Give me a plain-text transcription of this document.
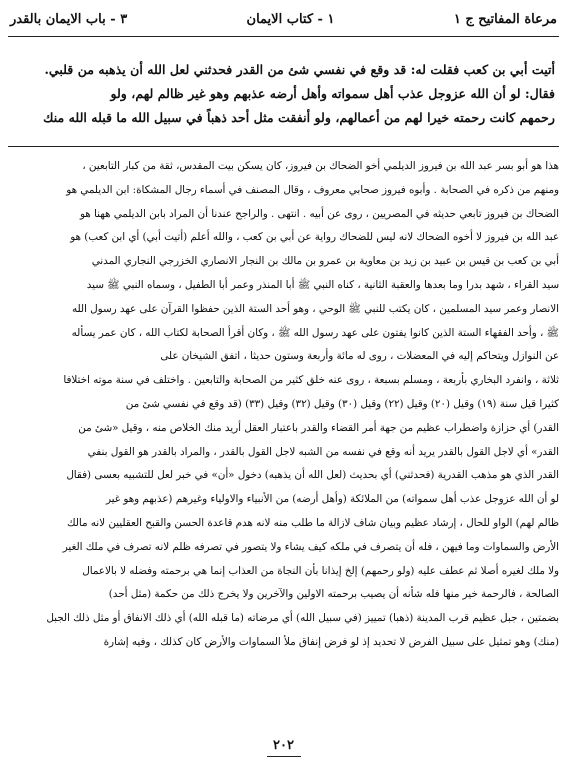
مرعاة المفاتيح ج ١
١ - كتاب الايمان
٣ - باب الايمان بالقدر
أتيت أبي بن كعب فقلت له: قد وقع في نفسي شئ من القدر فحدثني لعل الله أن يذهبه من قلبي.
فقال: لو أن الله عزوجل عذب أهل سمواته وأهل أرضه عذبهم وهو غير ظالم لهم، ولو
رحمهم كانت رحمته خيرا لهم من أعمالهم، ولو أنفقت مثل أحد ذهباً في سبيل الله ما قبله الله منك
هذا هو أبو بسر عبد الله بن فيروز الديلمي أخو الضحاك بن فيروز، كان يسكن بيت المقدس، ثقة من كبار التابعين ،
ومنهم من ذكره في الصحابة . وأبوه فيروز صحابي معروف ، وقال المصنف في أسماء رجال المشكاة: ابن الديلمي هو
الضحاك بن فيروز تابعي حديثه في المصريين ، روى عن أبيه . انتهى . والراجح عندنا أن المراد بابن الديلمي ههنا هو
عبد الله بن فيروز لا أخوه الضحاك لانه ليس للضحاك رواية عن أبي بن كعب ، والله أعلم (أتيت أبي) أي ابن كعب) هو
أبي بن كعب بن قيس بن عبيد بن زيد بن معاوية بن عمرو بن مالك بن النجار الانصاري الخزرجي النجاري المدني
سيد القراء ، شهد بدرا وما بعدها والعقبة الثانية ، كناه النبي ﷺ أبا المنذر وعمر أبا الطفيل ، وسماه النبي ﷺ سيد
الانصار وعمر سيد المسلمين ، كان يكتب للنبي ﷺ الوحي ، وهو أحد الستة الذين حفظوا القرآن على عهد رسول الله
ﷺ ، وأحد الفقهاء الستة الذين كانوا يفتون على عهد رسول الله ﷺ ، وكان أقرأ الصحابة لكتاب الله ، كان عمر يسأله
عن النوازل ويتحاكم إليه في المعضلات ، روى له مائة وأربعة وستون حديثا ، اتفق الشيخان على
ثلاثة ، وانفرد البخاري بأربعة ، ومسلم بسبعة ، روى عنه خلق كثير من الصحابة والتابعين . واختلف في سنة موته اختلافا
كثيرا قيل سنة (١٩) وقيل (٢٠) وقيل (٢٢) وقيل (٣٠) وقيل (٣٢) وقيل (٣٣) (قد وقع في نفسي شئ من
القدر) أي حزازة واضطراب عظيم من جهة أمر القضاء والقدر باعتبار العقل أريد منك الخلاص منه ، وقيل «شئ من
القدر» أي لاجل القول بالقدر يريد أنه وقع في نفسه من الشبه لاجل القول بالقدر ، والمراد بالقدر هو القول بنفي
القدر الذي هو مذهب القدرية (فحدثني) أي بحديث (لعل الله أن يذهبه) دخول «أن» في خبر لعل للتشبيه بعسى (فقال
لو أن الله عزوجل عذب أهل سمواته) من الملائكة (وأهل أرضه) من الأنبياء والاولياء وغيرهم (عذبهم وهو غير
ظالم لهم) الواو للحال ، إرشاد عظيم وبيان شاف لازالة ما طلب منه لانه هدم قاعدة الحسن والقبح العقليين لانه مالك
الأرض والسماوات وما فيهن ، فله أن يتصرف في ملكه كيف يشاء ولا يتصور في تصرفه ظلم لانه تصرف في ملك الغير
ولا ملك لغيره أصلا ثم عطف عليه (ولو رحمهم) إلخ إيذانا بأن النجاة من العذاب إنما هي برحمته وفضله لا بالاعمال
الصالحة ، فالرحمة خير منها فله شأنه أن يصيب برحمته الاولين والآخرين ولا يخرج ذلك من حكمة (مثل أحد)
بضمتين ، جبل عظيم قرب المدينة (ذهبا) تمييز (في سبيل الله) أي مرضاته (ما قبله الله) أي ذلك الانفاق أو مثل ذلك الجبل
(منك) وهو تمثيل على سبيل الفرض لا تحديد إذ لو فرض إنفاق ملأ السماوات والأرض كان كذلك ، وفيه إشارة
٢٠٢
